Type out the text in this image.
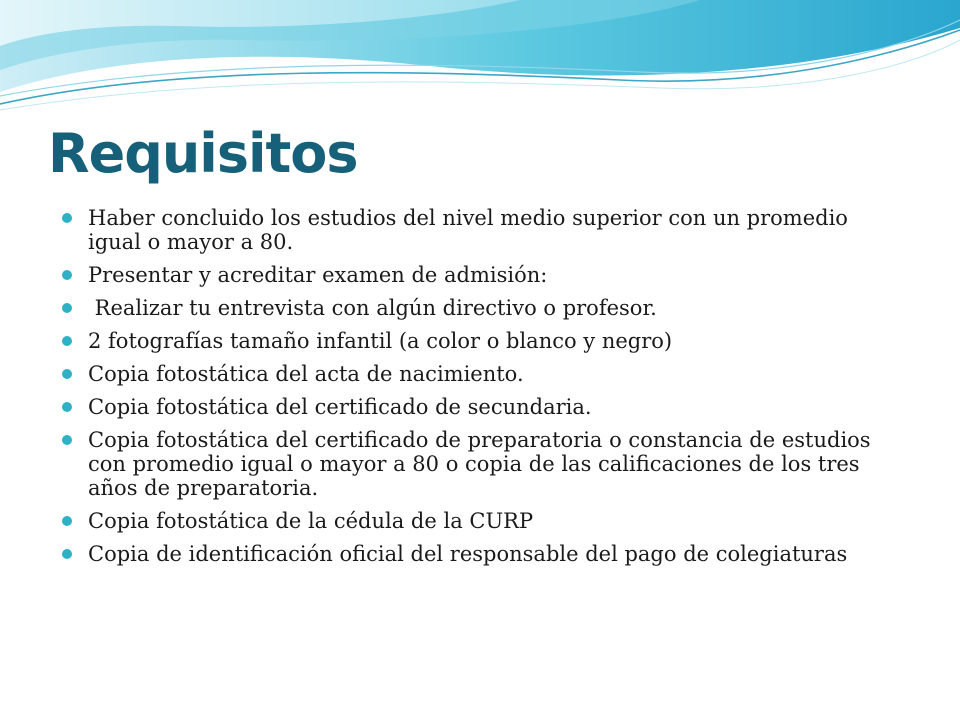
Requisitos
Haber concluido los estudios del nivel medio superior con un promedio igual o mayor a 80.
Presentar y acreditar examen de admisión:
Realizar tu entrevista con algún directivo o profesor.
2 fotografías tamaño infantil (a color o blanco y negro)
Copia fotostática del acta de nacimiento.
Copia fotostática del certificado de secundaria.
Copia fotostática del certificado de preparatoria o constancia de estudios con promedio igual o mayor a 80 o copia de las calificaciones de los tres años de preparatoria.
Copia fotostática de la cédula de la CURP
Copia de identificación oficial del responsable del pago de colegiaturas
